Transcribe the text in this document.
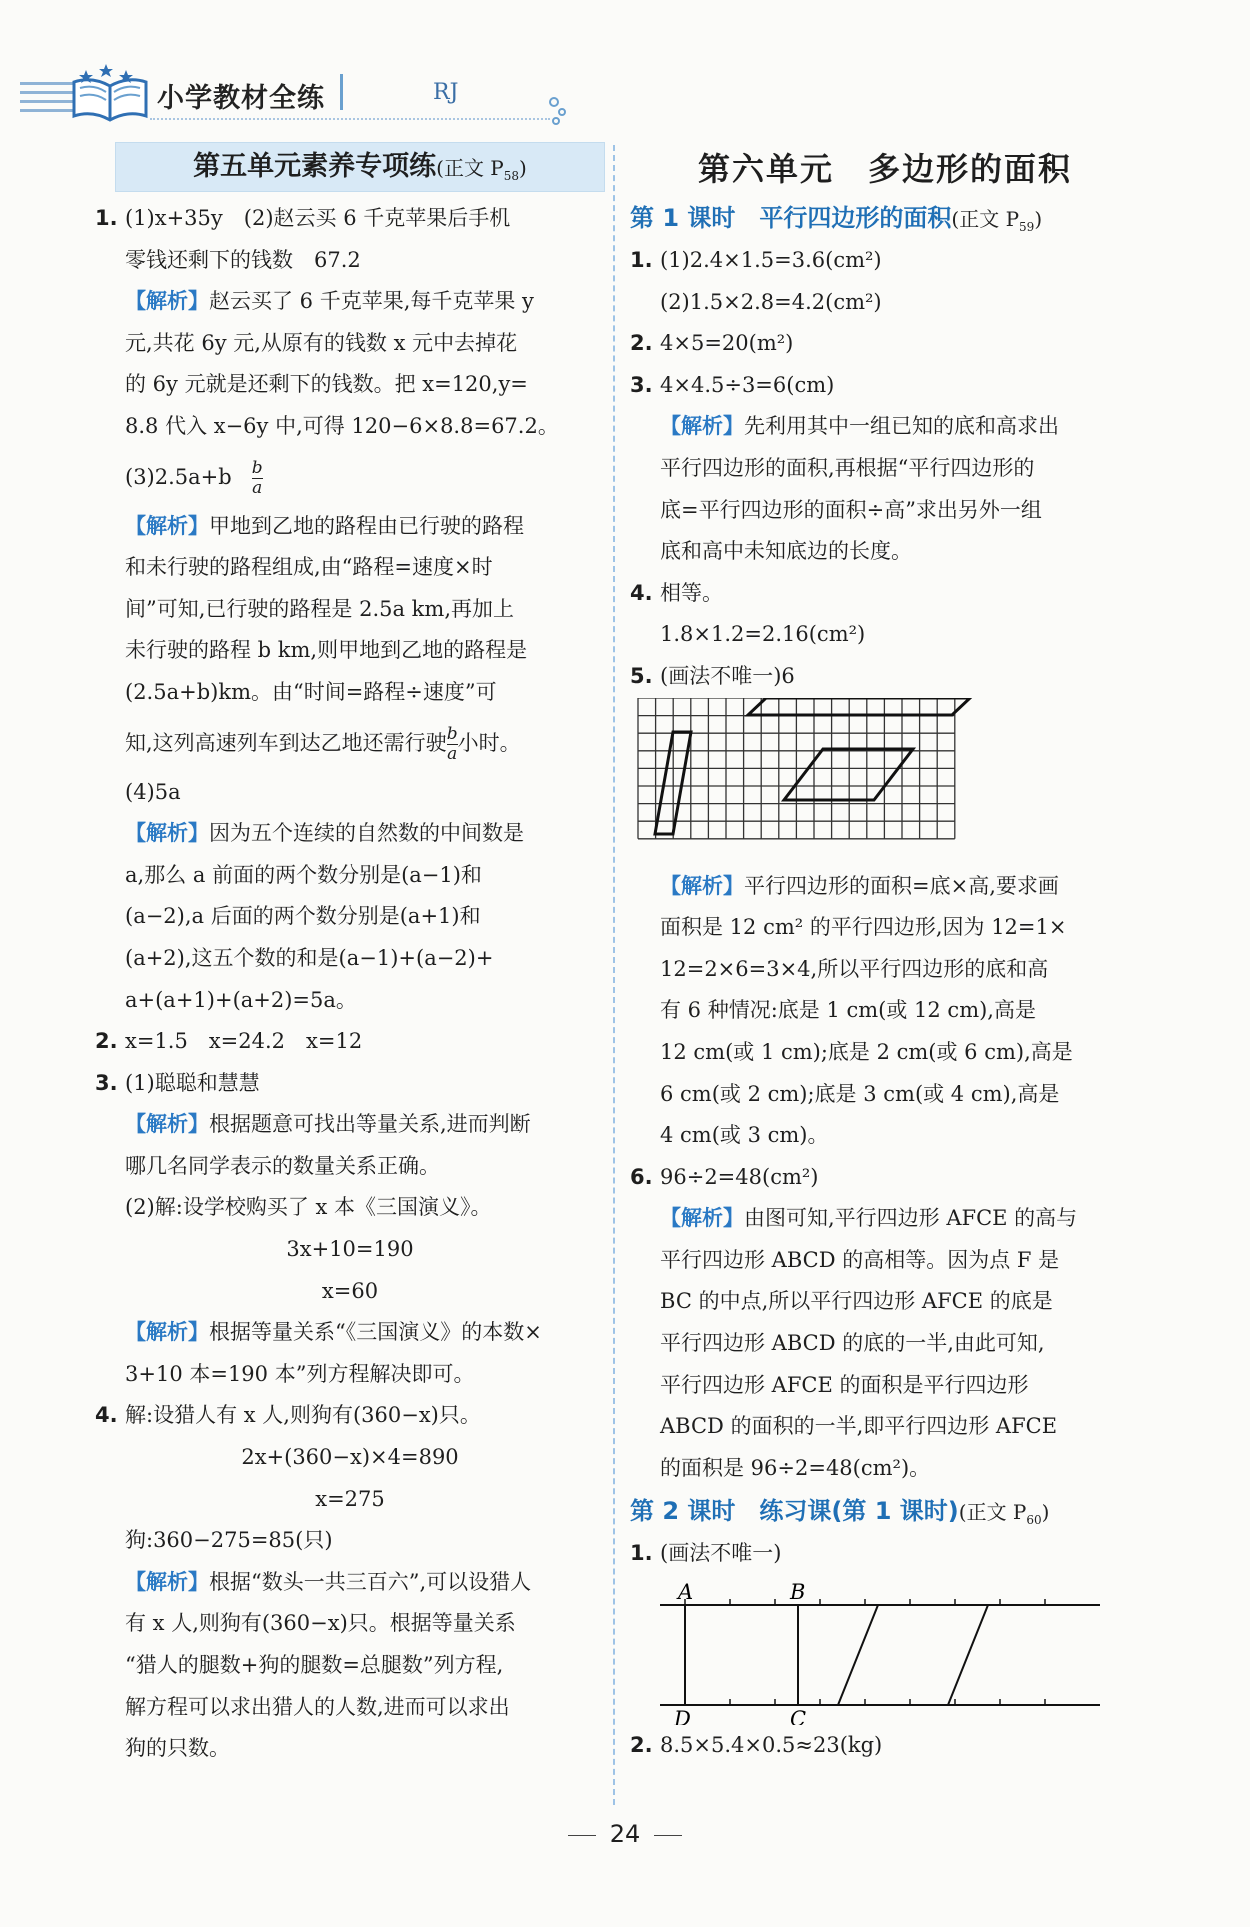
小学教材全练	RJ
第五单元素养专项练(正文 $P_{58}$)
1. (1)x+35y　(2)赵云买 6 千克苹果后手机
零钱还剩下的钱数　67.2
【解析】赵云买了 6 千克苹果,每千克苹果 y
元,共花 6y 元,从原有的钱数 x 元中去掉花
的 6y 元就是还剩下的钱数。把 x=120,y=
8.8 代入 x−6y 中,可得 120−6×8.8=67.2。
$(3)2.5a+b \frac{b}{a}$
【解析】甲地到乙地的路程由已行驶的路程
和未行驶的路程组成,由“路程=速度×时
间”可知,已行驶的路程是 2.5a km,再加上
未行驶的路程 b km,则甲地到乙地的路程是
(2.5a+b)km。由“时间=路程÷速度”可
知,这列高速列车到达乙地还需行驶 $\frac{b}{a}$ 小时。
(4)5a
【解析】因为五个连续的自然数的中间数是
a,那么 a 前面的两个数分别是(a−1)和
(a−2),a 后面的两个数分别是(a+1)和
(a+2),这五个数的和是(a−1)+(a−2)+
a+(a+1)+(a+2)=5a。
2. x=1.5　x=24.2　x=12
3. (1)聪聪和慧慧
【解析】根据题意可找出等量关系,进而判断
哪几名同学表示的数量关系正确。
(2)解:设学校购买了 x 本《三国演义》。
3x+10=190
x=60
【解析】根据等量关系“《三国演义》的本数×
3+10 本=190 本”列方程解决即可。
4. 解:设猎人有 x 人,则狗有(360−x)只。
2x+(360−x)×4=890
x=275
狗:360−275=85(只)
【解析】根据“数头一共三百六”,可以设猎人
有 x 人,则狗有(360−x)只。根据等量关系
“猎人的腿数+狗的腿数=总腿数”列方程,
解方程可以求出猎人的人数,进而可以求出
狗的只数。
第六单元　多边形的面积
第 1 课时　平行四边形的面积(正文 $P_{59}$)
1. (1)2.4×1.5=3.6(cm²)
(2)1.5×2.8=4.2(cm²)
2. 4×5=20(m²)
3. 4×4.5÷3=6(cm)
【解析】先利用其中一组已知的底和高求出
平行四边形的面积,再根据“平行四边形的
底=平行四边形的面积÷高”求出另外一组
底和高中未知底边的长度。
4. 相等。
1.8×1.2=2.16(cm²)
5. (画法不唯一)6
【解析】平行四边形的面积=底×高,要求画
面积是 12 cm² 的平行四边形,因为 12=1×
12=2×6=3×4,所以平行四边形的底和高
有 6 种情况:底是 1 cm(或 12 cm),高是
12 cm(或 1 cm);底是 2 cm(或 6 cm),高是
6 cm(或 2 cm);底是 3 cm(或 4 cm),高是
4 cm(或 3 cm)。
6. 96÷2=48(cm²)
【解析】由图可知,平行四边形 AFCE 的高与
平行四边形 ABCD 的高相等。因为点 F 是
BC 的中点,所以平行四边形 AFCE 的底是
平行四边形 ABCD 的底的一半,由此可知,
平行四边形 AFCE 的面积是平行四边形
ABCD 的面积的一半,即平行四边形 AFCE
的面积是 96÷2=48(cm²)。
第 2 课时　练习课(第 1 课时)(正文 $P_{60}$)
1. (画法不唯一)
A	B
D	C
2. 8.5×5.4×0.5≈23(kg)
24
